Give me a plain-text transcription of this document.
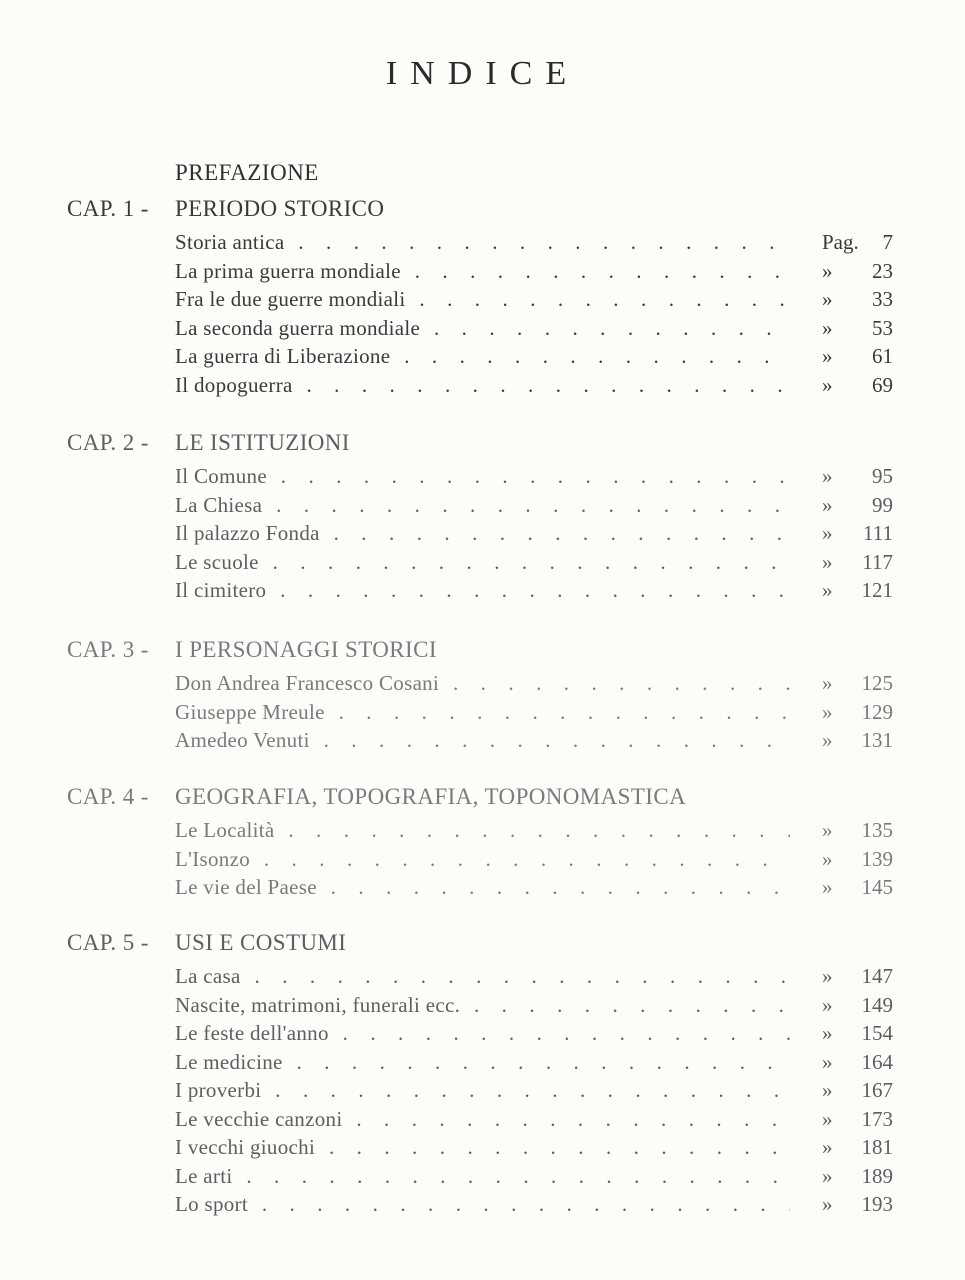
INDICE
PREFAZIONE
CAP. 1 - PERIODO STORICO
Storia antica . . .	Pag. 7
La prima guerra mondiale . . .	» 23
Fra le due guerre mondiali . . .	» 33
La seconda guerra mondiale . . .	» 53
La guerra di Liberazione . . .	» 61
Il dopoguerra . . .	» 69
CAP. 2 - LE ISTITUZIONI
Il Comune . . .	» 95
La Chiesa . . .	» 99
Il palazzo Fonda . . .	» 111
Le scuole . . .	» 117
Il cimitero . . .	» 121
CAP. 3 - I PERSONAGGI STORICI
Don Andrea Francesco Cosani . . .	» 125
Giuseppe Mreule . . .	» 129
Amedeo Venuti . . .	» 131
CAP. 4 - GEOGRAFIA, TOPOGRAFIA, TOPONOMASTICA
Le Località . . .	» 135
L'Isonzo . . .	» 139
Le vie del Paese . . .	» 145
CAP. 5 - USI E COSTUMI
La casa . . .	» 147
Nascite, matrimoni, funerali ecc. . . .	» 149
Le feste dell'anno . . .	» 154
Le medicine . . .	» 164
I proverbi . . .	» 167
Le vecchie canzoni . . .	» 173
I vecchi giuochi . . .	» 181
Le arti . . .	» 189
Lo sport . . .	» 193
